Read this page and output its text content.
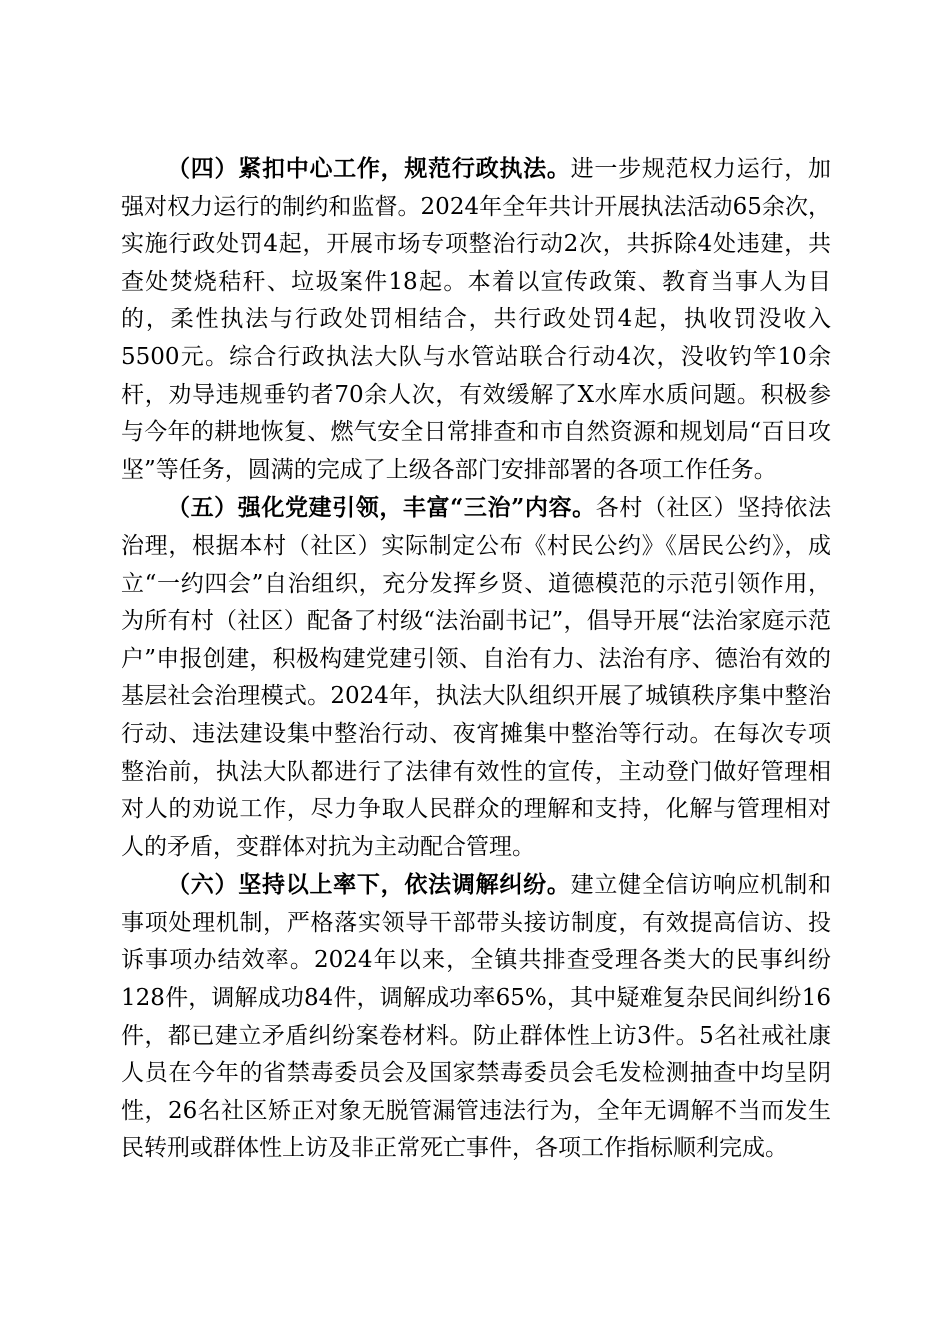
（四）紧扣中心工作，规范行政执法。进一步规范权力运行，加强对权力运行的制约和监督。2024年全年共计开展执法活动65余次，实施行政处罚4起，开展市场专项整治行动2次，共拆除4处违建，共查处焚烧秸秆、垃圾案件18起。本着以宣传政策、教育当事人为目的，柔性执法与行政处罚相结合，共行政处罚4起，执收罚没收入5500元。综合行政执法大队与水管站联合行动4次，没收钓竿10余杆，劝导违规垂钓者70余人次，有效缓解了X水库水质问题。积极参与今年的耕地恢复、燃气安全日常排查和市自然资源和规划局“百日攻坚”等任务，圆满的完成了上级各部门安排部署的各项工作任务。

（五）强化党建引领，丰富“三治”内容。各村（社区）坚持依法治理，根据本村（社区）实际制定公布《村民公约》《居民公约》，成立“一约四会”自治组织，充分发挥乡贤、道德模范的示范引领作用，为所有村（社区）配备了村级“法治副书记”，倡导开展“法治家庭示范户”申报创建，积极构建党建引领、自治有力、法治有序、德治有效的基层社会治理模式。2024年，执法大队组织开展了城镇秩序集中整治行动、违法建设集中整治行动、夜宵摊集中整治等行动。在每次专项整治前，执法大队都进行了法律有效性的宣传，主动登门做好管理相对人的劝说工作，尽力争取人民群众的理解和支持，化解与管理相对人的矛盾，变群体对抗为主动配合管理。

（六）坚持以上率下，依法调解纠纷。建立健全信访响应机制和事项处理机制，严格落实领导干部带头接访制度，有效提高信访、投诉事项办结效率。2024年以来，全镇共排查受理各类大的民事纠纷128件，调解成功84件，调解成功率65%，其中疑难复杂民间纠纷16件，都已建立矛盾纠纷案卷材料。防止群体性上访3件。5名社戒社康人员在今年的省禁毒委员会及国家禁毒委员会毛发检测抽查中均呈阴性，26名社区矫正对象无脱管漏管违法行为，全年无调解不当而发生民转刑或群体性上访及非正常死亡事件，各项工作指标顺利完成。
